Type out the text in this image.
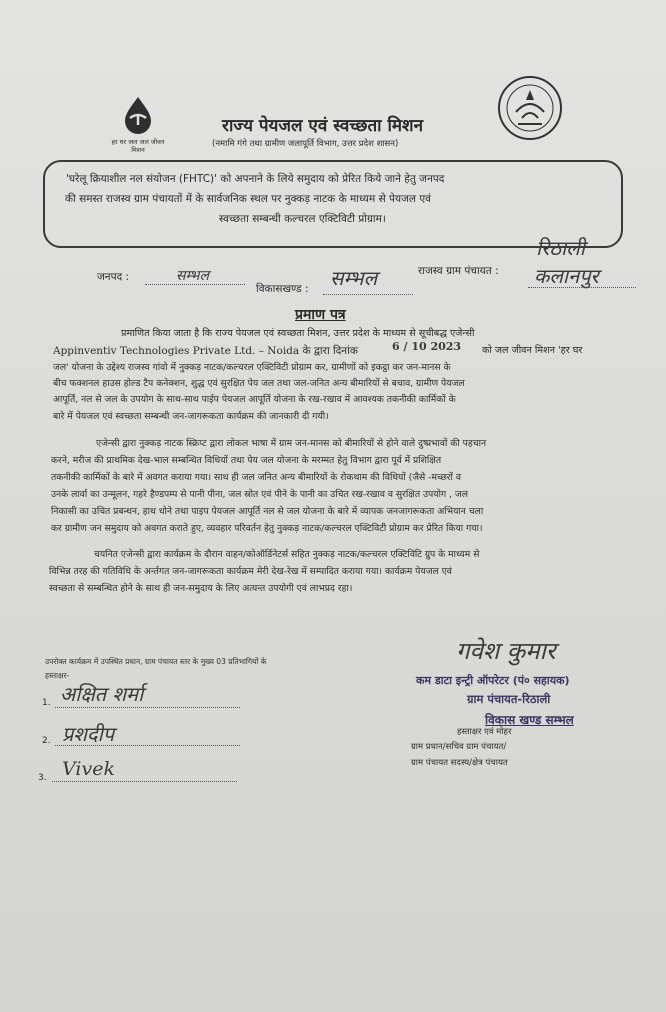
हर घर जल जल जीवन मिशन
राज्य पेयजल एवं स्वच्छता मिशन
(नमामि गंगे तथा ग्रामीण जलापूर्ति विभाग, उत्तर प्रदेश शासन)
'घरेलू क्रियाशील नल संयोजन (FHTC)' को अपनाने के लिये समुदाय को प्रेरित किये जाने हेतु जनपद
की समस्त राजस्व ग्राम पंचायतों में के सार्वजनिक स्थल पर नुक्कड़ नाटक के माध्यम से पेयजल एवं
स्वच्छता सम्बन्धी कल्चरल एक्टिविटी प्रोग्राम।
जनपद :	सम्भल
विकासखण्ड : सम्भल	राजस्व ग्राम पंचायत :
रिठाली
कलानपुर
प्रमाण पत्र
प्रमाणित किया जाता है कि राज्य पेयजल एवं स्वच्छता मिशन, उत्तर प्रदेश के माध्यम से सूचीबद्ध एजेन्सी
Appinventiv Technologies Private Ltd. – Noida के द्वारा दिनांक	6 / 10 2023 को जल जीवन मिशन 'हर घर
जल' योजना के उद्देश्य राजस्व गांवो में नुक्कड़ नाटक/कल्चरल एक्टिविटी प्रोग्राम कर, ग्रामीणों को इकट्ठा कर जन-मानस के
बीच फक्शनल हाउस होल्ड टैप कनेक्शन, शुद्ध एवं सुरक्षित पेय जल तथा जल-जनित अन्य बीमारियों से बचाव, ग्रामीण पेयजल
आपूर्ति, नल से जल के उपयोग के साथ-साथ पाईप पेयजल आपूर्ति योजना के रख-रखाव में आवश्यक तकनीकी कार्मिकों के
बारे में पेयजल एवं स्वच्छता सम्बन्धी जन-जागरूकता कार्यक्रम की जानकारी दी गयी।
एजेन्सी द्वारा नुक्कड़ नाटक स्क्रिप्ट द्वारा लोकल भाषा में ग्राम जन-मानस को बीमारियों से होने वाले दुष्प्रभावों की पहचान
करने, मरीज की प्राथमिक देख-भाल सम्बन्धित विधियों तथा पेय जल योजना के मरम्मत हेतु विभाग द्वारा पूर्व में प्रशिक्षित
तकनीकी कार्मिकों के बारे में अवगत कराया गया। साथ ही जल जनित अन्य बीमारियों के रोकथाम की विधियों (जैसे -मच्छरों व
उनके लार्वा का उन्मूलन, गहरे हैण्डपम्प से पानी पीना, जल स्रोत एवं पीने के पानी का उचित रख-रखाव व सुरक्षित उपयोग , जल
निकासी का उचित प्रबन्धन, हाथ धोने तथा पाइप पेयजल आपूर्ति नल से जल योजना के बारे में व्यापक जनजागरूकता अभियान चला
कर ग्रामीण जन समुदाय को अवगत कराते हुए, व्यवहार परिवर्तन हेतु नुक्कड़ नाटक/कल्चरल एक्टिविटी प्रोग्राम कर प्रेरित किया गया।
चयनित एजेन्सी द्वारा कार्यक्रम के दौरान वाहन/कोऑर्डिनेटर्स सहित नुक्कड़ नाटक/कल्चरल एक्टिविटि ग्रुप के माध्यम से
विभिन्न तरह की गतिविधि के अर्न्तगत जन-जागरूकता कार्यक्रम मेरी देख-रेख में सम्पादित कराया गया। कार्यक्रम पेयजल एवं
स्वच्छता से सम्बन्धित होने के साथ ही जन-समुदाय के लिए अत्यन्त उपयोगी एवं लाभप्रद रहा।
उपरोक्त कार्यक्रम में उपस्थित प्रधान, ग्राम पंचायत स्तर के मुख्य 03 प्रतिभागियों के
हस्ताक्षर-
1. अक्षित शर्मा
2. प्रशदीप
3. Vivek
गवेश कुमार
कम डाटा इन्ट्री ऑपरेटर (पं० सहायक)
ग्राम पंचायत-रिठाली
विकास खण्ड सम्भल
हस्ताक्षर एवं मोहर
ग्राम प्रधान/सचिव ग्राम पंचायत/
ग्राम पंचायत सदस्य/क्षेत्र पंचायत
